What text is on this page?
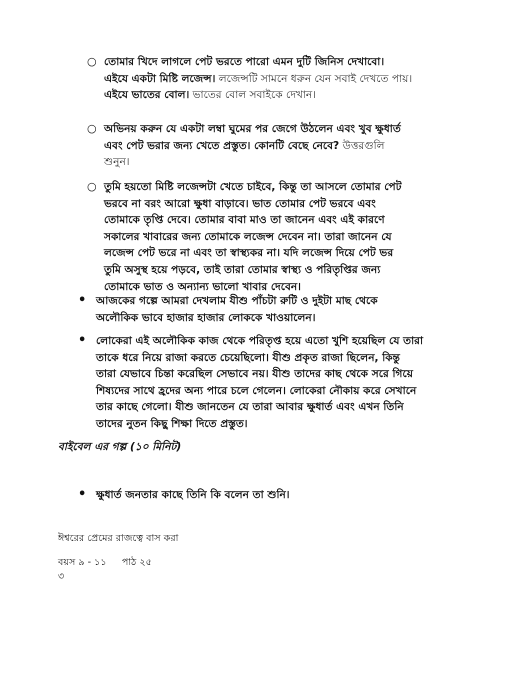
○ তোমার খিদে লাগলে পেট ভরতে পারো এমন দুটি জিনিস দেখাবো।
এইযে একটা মিষ্টি লজেন্স। লজেন্সটি সামনে ধরুন যেন সবাই দেখতে পায়।
এইযে ভাতের বোল। ভাতের বোল সবাইকে দেখান।
○ অভিনয় করুন যে একটা লম্বা ঘুমের পর জেগে উঠলেন এবং খুব ক্ষুধার্ত
এবং পেট ভরার জন্য খেতে প্রস্তুত। কোনটি বেছে নেবে? উত্তরগুলি
শুনুন।
○ তুমি হয়তো মিষ্টি লজেন্সটা খেতে চাইবে, কিন্তু তা আসলে তোমার পেট
ভরবে না বরং আরো ক্ষুধা বাড়াবে। ভাত তোমার পেট ভরবে এবং
তোমাকে তৃপ্তি দেবে। তোমার বাবা মাও তা জানেন এবং এই কারণে
সকালের খাবারের জন্য তোমাকে লজেন্স দেবেন না। তারা জানেন যে
লজেন্স পেট ভরে না এবং তা স্বাস্থ্যকর না। যদি লজেন্স দিয়ে পেট ভর
তুমি অসুস্থ হয়ে পড়বে, তাই তারা তোমার স্বাস্থ্য ও পরিতৃপ্তির জন্য
তোমাকে ভাত ও অন্যান্য ভালো খাবার দেবেন।
• আজকের গল্পে আমরা দেখলাম যীশু পাঁচটা রুটি ও দুইটা মাছ থেকে
অলৌকিক ভাবে হাজার হাজার লোককে খাওয়ালেন।
• লোকেরা এই অলৌকিক কাজ থেকে পরিতৃপ্ত হয়ে এতো খুশি হয়েছিল যে তারা
তাকে ধরে নিয়ে রাজা করতে চেয়েছিলো। যীশু প্রকৃত রাজা ছিলেন, কিন্তু
তারা যেভাবে চিন্তা করেছিল সেভাবে নয়। যীশু তাদের কাছ থেকে সরে গিয়ে
শিষ্যদের সাথে হ্রদের অন্য পারে চলে গেলেন। লোকেরা নৌকায় করে সেখানে
তার কাছে গেলো। যীশু জানতেন যে তারা আবার ক্ষুধার্ত এবং এখন তিনি
তাদের নুতন কিছু শিক্ষা দিতে প্রস্তুত।
বাইবেল এর গল্প (১০ মিনিট)
• ক্ষুধার্ত জনতার কাছে তিনি কি বলেন তা শুনি।
ঈশ্বরের প্রেমের রাজত্বে বাস করা
বয়স ৯ - ১১     পাঠ ২৫
৩
